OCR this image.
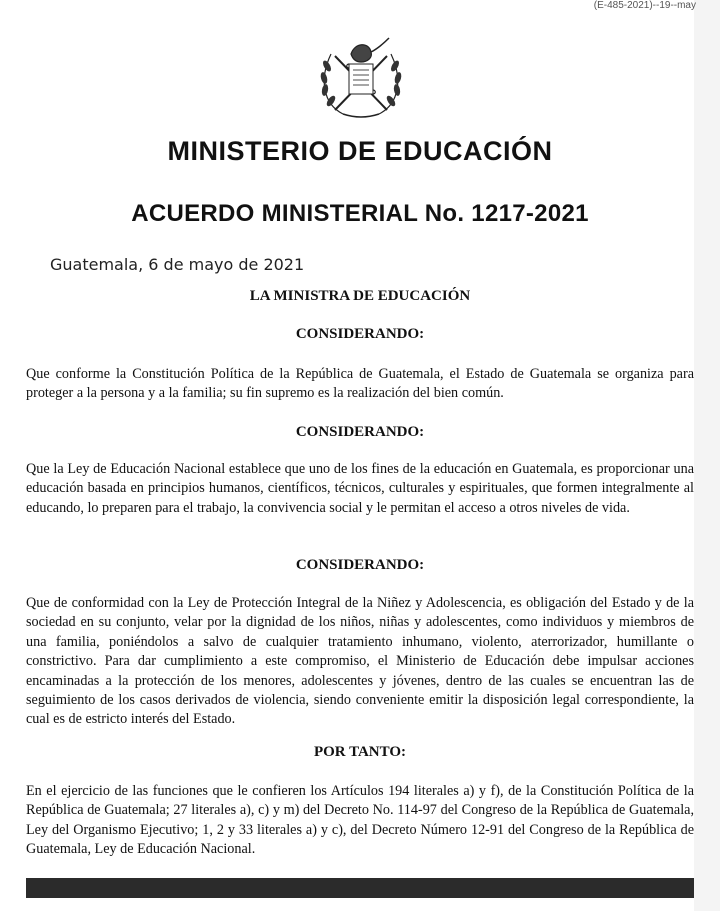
(E-485-2021)--19--may
MINISTERIO DE EDUCACIÓN
ACUERDO MINISTERIAL No. 1217-2021
Guatemala, 6 de mayo de 2021
LA MINISTRA DE EDUCACIÓN
CONSIDERANDO:

Que conforme la Constitución Política de la República de Guatemala, el Estado de Guatemala se organiza para proteger a la persona y a la familia; su fin supremo es la realización del bien común.

CONSIDERANDO:

Que la Ley de Educación Nacional establece que uno de los fines de la educación en Guatemala, es proporcionar una educación basada en principios humanos, científicos, técnicos, culturales y espirituales, que formen integralmente al educando, lo preparen para el trabajo, la convivencia social y le permitan el acceso a otros niveles de vida.

CONSIDERANDO:

Que de conformidad con la Ley de Protección Integral de la Niñez y Adolescencia, es obligación del Estado y de la sociedad en su conjunto, velar por la dignidad de los niños, niñas y adolescentes, como individuos y miembros de una familia, poniéndolos a salvo de cualquier tratamiento inhumano, violento, aterrorizador, humillante o constrictivo. Para dar cumplimiento a este compromiso, el Ministerio de Educación debe impulsar acciones encaminadas a la protección de los menores, adolescentes y jóvenes, dentro de las cuales se encuentran las de seguimiento de los casos derivados de violencia, siendo conveniente emitir la disposición legal correspondiente, la cual es de estricto interés del Estado.

POR TANTO:

En el ejercicio de las funciones que le confieren los Artículos 194 literales a) y f), de la Constitución Política de la República de Guatemala; 27 literales a), c) y m) del Decreto No. 114-97 del Congreso de la República de Guatemala, Ley del Organismo Ejecutivo; 1, 2 y 33 literales a) y c), del Decreto Número 12-91 del Congreso de la República de Guatemala, Ley de Educación Nacional.
